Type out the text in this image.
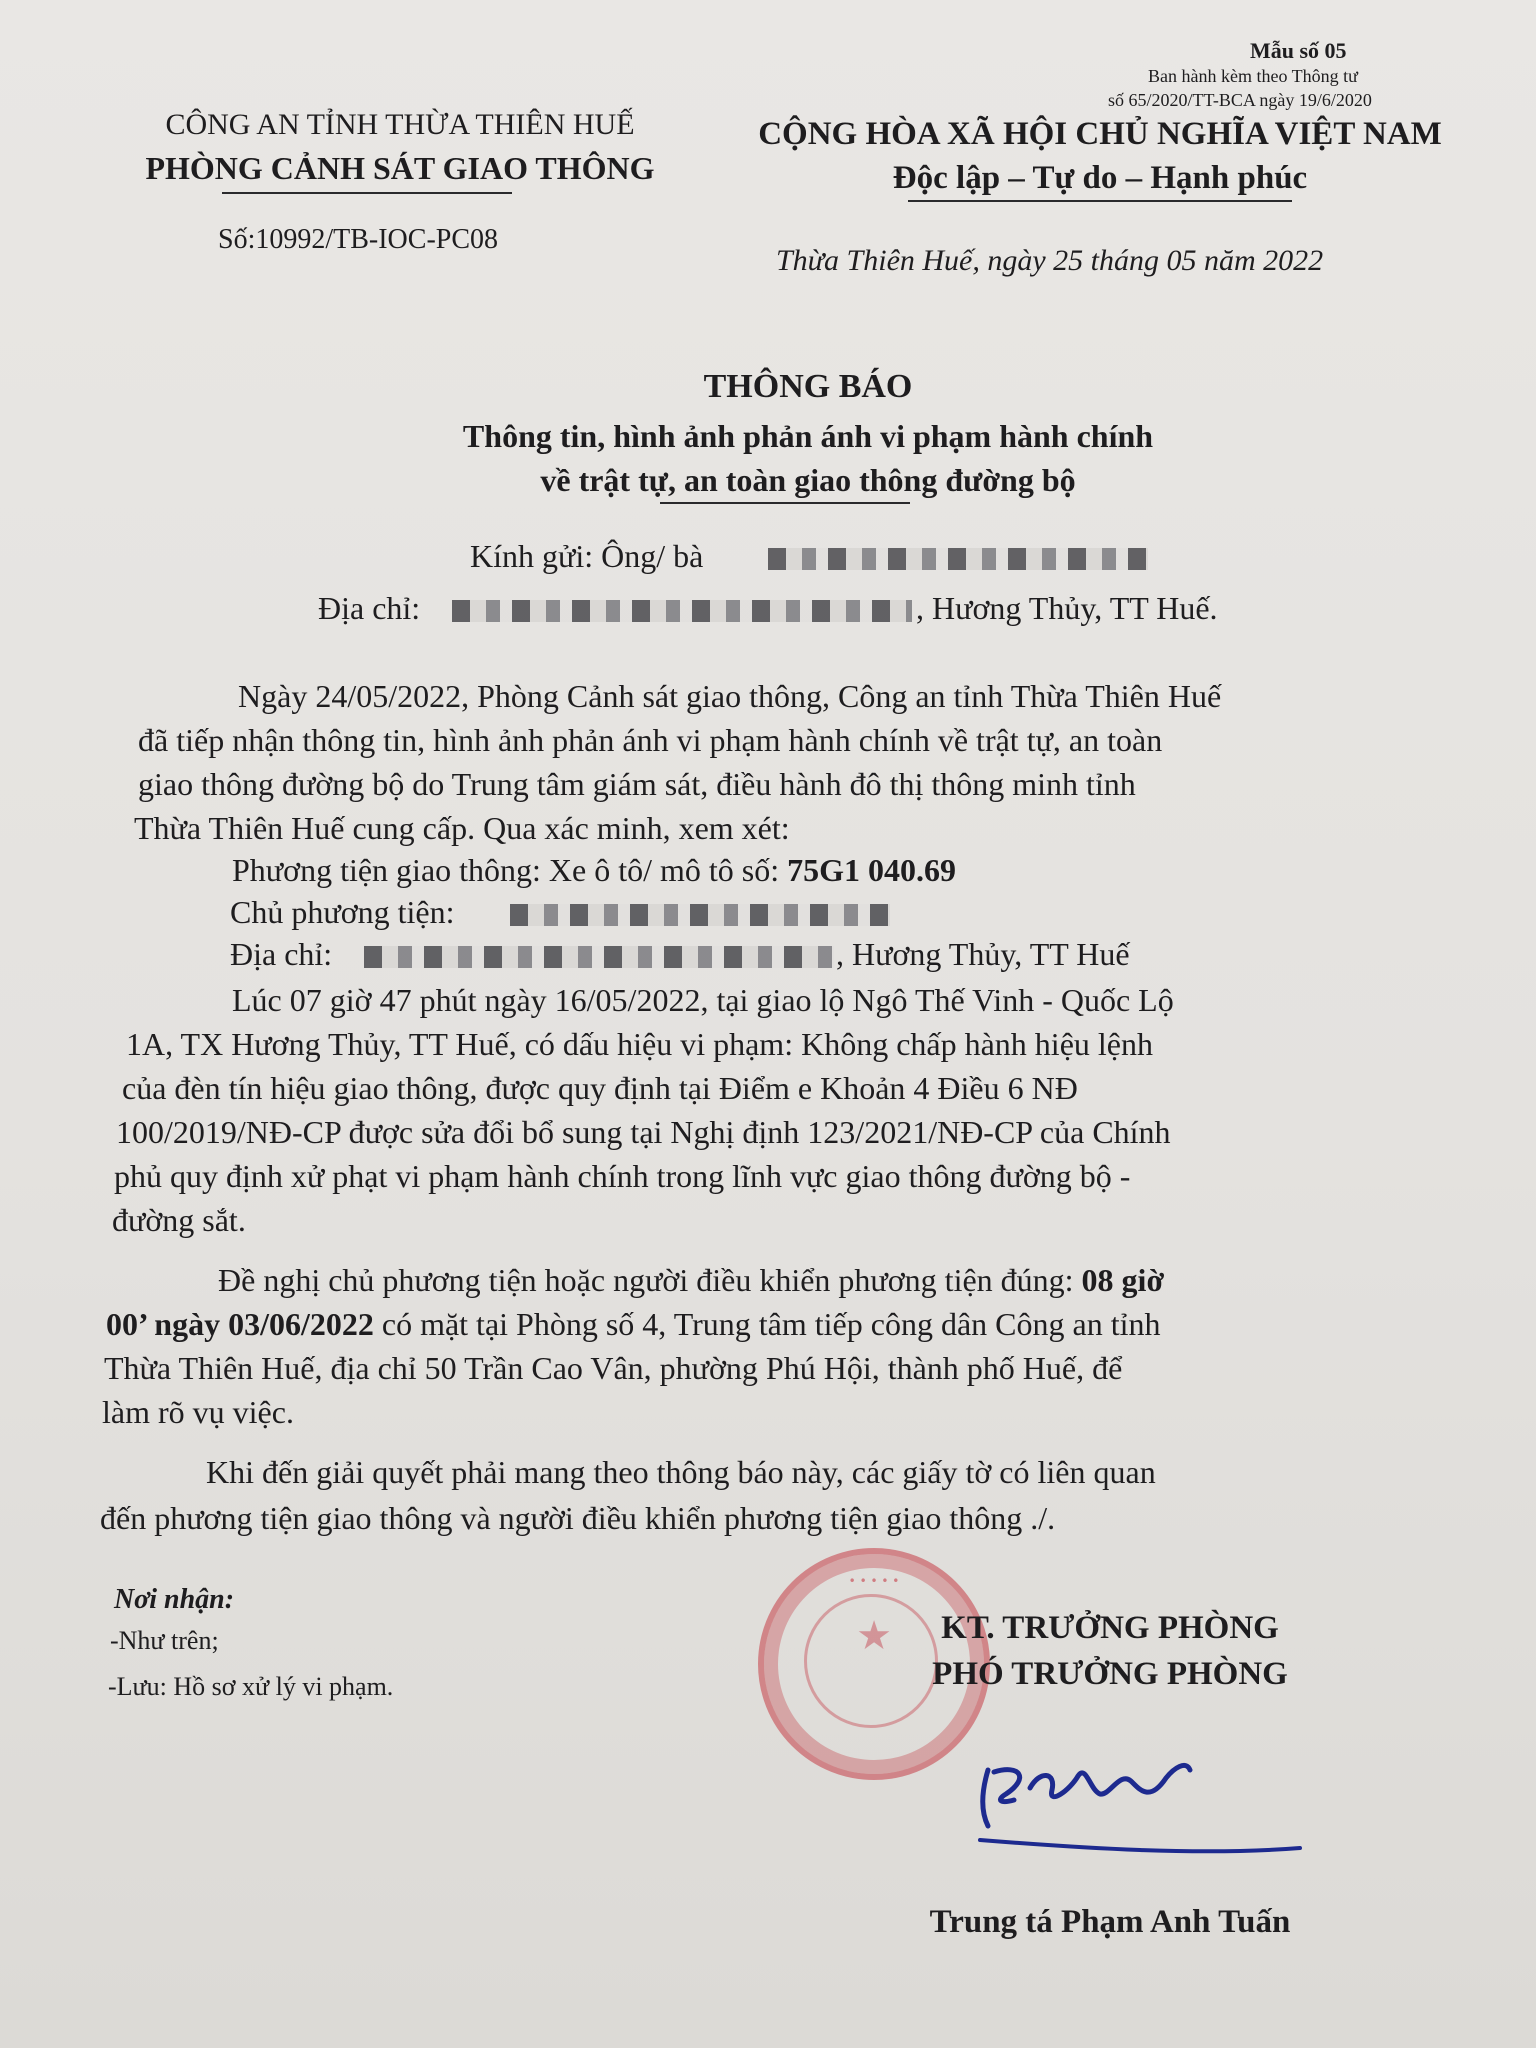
Mẫu số 05
Ban hành kèm theo Thông tư
số 65/2020/TT-BCA ngày 19/6/2020
CÔNG AN TỈNH THỪA THIÊN HUẾ
PHÒNG CẢNH SÁT GIAO THÔNG
Số:10992/TB-IOC-PC08
CỘNG HÒA XÃ HỘI CHỦ NGHĨA VIỆT NAM
Độc lập – Tự do – Hạnh phúc
Thừa Thiên Huế, ngày 25 tháng 05 năm 2022
THÔNG BÁO
Thông tin, hình ảnh phản ánh vi phạm hành chính
về trật tự, an toàn giao thông đường bộ
Kính gửi: Ông/ bà
Địa chỉ:	, Hương Thủy, TT Huế.
Ngày 24/05/2022, Phòng Cảnh sát giao thông, Công an tỉnh Thừa Thiên Huế
đã tiếp nhận thông tin, hình ảnh phản ánh vi phạm hành chính về trật tự, an toàn
giao thông đường bộ do Trung tâm giám sát, điều hành đô thị thông minh tỉnh
Thừa Thiên Huế cung cấp. Qua xác minh, xem xét:
Phương tiện giao thông: Xe ô tô/ mô tô số: 75G1 040.69
Chủ phương tiện:
Địa chỉ:	, Hương Thủy, TT Huế
Lúc 07 giờ 47 phút ngày 16/05/2022, tại giao lộ Ngô Thế Vinh - Quốc Lộ
1A, TX Hương Thủy, TT Huế, có dấu hiệu vi phạm: Không chấp hành hiệu lệnh
của đèn tín hiệu giao thông, được quy định tại Điểm e Khoản 4 Điều 6 NĐ
100/2019/NĐ-CP được sửa đổi bổ sung tại Nghị định 123/2021/NĐ-CP của Chính
phủ quy định xử phạt vi phạm hành chính trong lĩnh vực giao thông đường bộ -
đường sắt.
Đề nghị chủ phương tiện hoặc người điều khiển phương tiện đúng: 08 giờ
00’ ngày 03/06/2022 có mặt tại Phòng số 4, Trung tâm tiếp công dân Công an tỉnh
Thừa Thiên Huế, địa chỉ 50 Trần Cao Vân, phường Phú Hội, thành phố Huế, để
làm rõ vụ việc.
Khi đến giải quyết phải mang theo thông báo này, các giấy tờ có liên quan
đến phương tiện giao thông và người điều khiển phương tiện giao thông ./.
Nơi nhận:
-Như trên;
-Lưu: Hồ sơ xử lý vi phạm.
• • • • •
★	KT. TRƯỞNG PHÒNG
PHÓ TRƯỞNG PHÒNG
Trung tá Phạm Anh Tuấn
